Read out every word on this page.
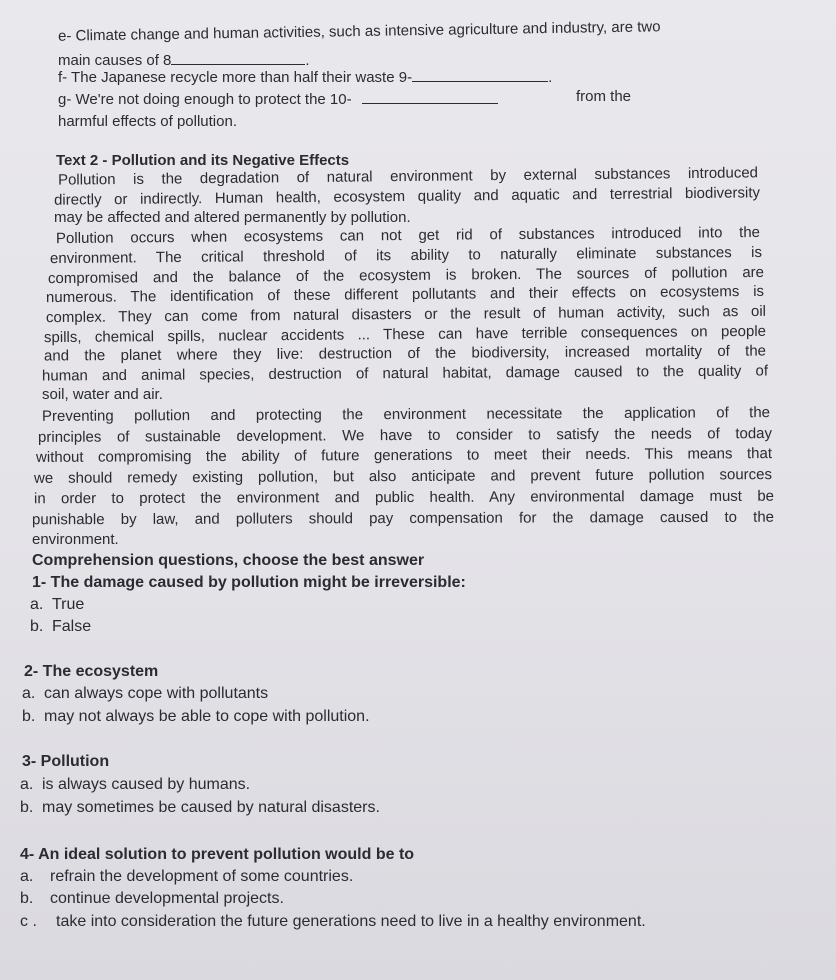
e- Climate change and human activities, such as intensive agriculture and industry, are two
main causes of 8	.
f- The Japanese recycle more than half their waste 9-	.
g- We're not doing enough to protect the 10-	from the
harmful effects of pollution.
Text 2 - Pollution and its Negative Effects
Pollution is the degradation of natural environment by external substances introduced
directly or indirectly. Human health, ecosystem quality and aquatic and terrestrial biodiversity
may be affected and altered permanently by pollution.
Pollution occurs when ecosystems can not get rid of substances introduced into the
environment. The critical threshold of its ability to naturally eliminate substances is
compromised and the balance of the ecosystem is broken. The sources of pollution are
numerous. The identification of these different pollutants and their effects on ecosystems is
complex. They can come from natural disasters or the result of human activity, such as oil
spills, chemical spills, nuclear accidents ... These can have terrible consequences on people
and the planet where they live: destruction of the biodiversity, increased mortality of the
human and animal species, destruction of natural habitat, damage caused to the quality of
soil, water and air.
Preventing pollution and protecting the environment necessitate the application of the
principles of sustainable development. We have to consider to satisfy the needs of today
without compromising the ability of future generations to meet their needs. This means that
we should remedy existing pollution, but also anticipate and prevent future pollution sources
in order to protect the environment and public health. Any environmental damage must be
punishable by law, and polluters should pay compensation for the damage caused to the
environment.
Comprehension questions, choose the best answer
1- The damage caused by pollution might be irreversible:
a. True
b. False
2- The ecosystem
a. can always cope with pollutants
b. may not always be able to cope with pollution.
3- Pollution
a. is always caused by humans.
b. may sometimes be caused by natural disasters.
4- An ideal solution to prevent pollution would be to
a. refrain the development of some countries.
b. continue developmental projects.
c . take into consideration the future generations need to live in a healthy environment.
